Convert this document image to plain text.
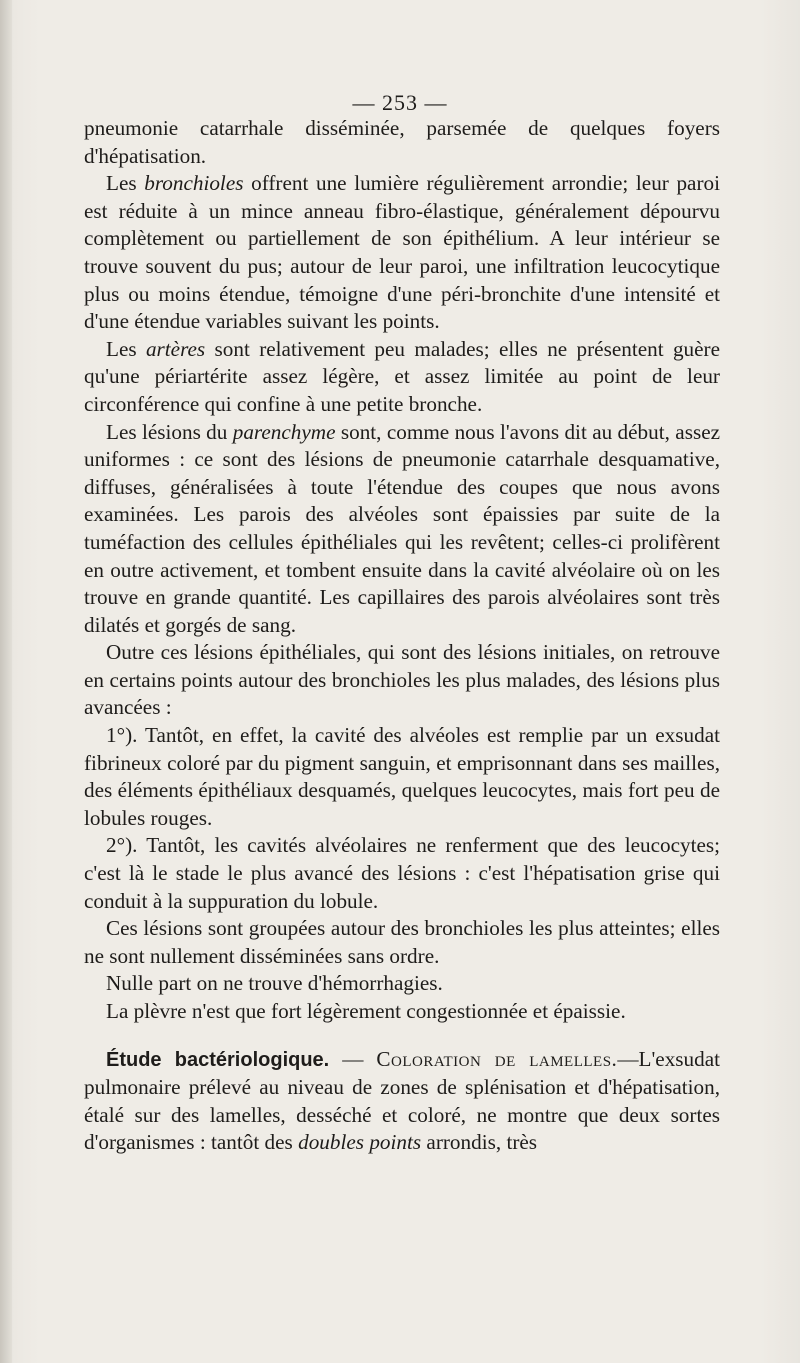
— 253 —

pneumonie catarrhale disséminée, parsemée de quelques foyers d'hépatisation.

Les bronchioles offrent une lumière régulièrement arrondie; leur paroi est réduite à un mince anneau fibro-élastique, généralement dépourvu complètement ou partiellement de son épithélium. A leur intérieur se trouve souvent du pus; autour de leur paroi, une infiltration leucocytique plus ou moins étendue, témoigne d'une péri-bronchite d'une intensité et d'une étendue variables suivant les points.

Les artères sont relativement peu malades; elles ne présentent guère qu'une périartérite assez légère, et assez limitée au point de leur circonférence qui confine à une petite bronche.

Les lésions du parenchyme sont, comme nous l'avons dit au début, assez uniformes : ce sont des lésions de pneumonie catarrhale desquamative, diffuses, généralisées à toute l'étendue des coupes que nous avons examinées. Les parois des alvéoles sont épaissies par suite de la tuméfaction des cellules épithéliales qui les revêtent; celles-ci prolifèrent en outre activement, et tombent ensuite dans la cavité alvéolaire où on les trouve en grande quantité. Les capillaires des parois alvéolaires sont très dilatés et gorgés de sang.

Outre ces lésions épithéliales, qui sont des lésions initiales, on retrouve en certains points autour des bronchioles les plus malades, des lésions plus avancées :

1°). Tantôt, en effet, la cavité des alvéoles est remplie par un exsudat fibrineux coloré par du pigment sanguin, et emprisonnant dans ses mailles, des éléments épithéliaux desquamés, quelques leucocytes, mais fort peu de lobules rouges.

2°). Tantôt, les cavités alvéolaires ne renferment que des leucocytes; c'est là le stade le plus avancé des lésions : c'est l'hépatisation grise qui conduit à la suppuration du lobule.

Ces lésions sont groupées autour des bronchioles les plus atteintes; elles ne sont nullement disséminées sans ordre.

Nulle part on ne trouve d'hémorrhagies.

La plèvre n'est que fort légèrement congestionnée et épaissie.

Étude bactériologique. — Coloration de lamelles.—L'exsudat pulmonaire prélevé au niveau de zones de splénisation et d'hépatisation, étalé sur des lamelles, desséché et coloré, ne montre que deux sortes d'organismes : tantôt des doubles points arrondis, très
